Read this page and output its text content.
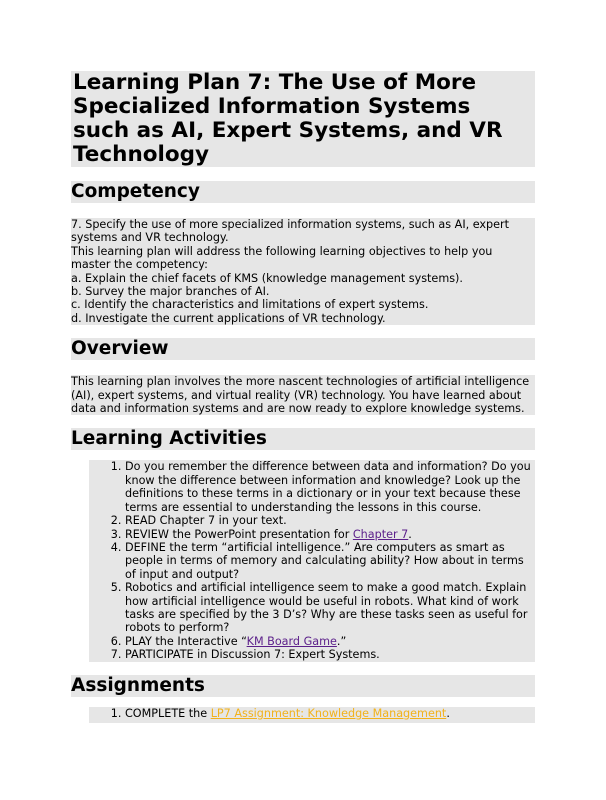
Learning Plan 7: The Use of More Specialized Information Systems such as AI, Expert Systems, and VR Technology
Competency
7. Specify the use of more specialized information systems, such as AI, expert systems and VR technology.
This learning plan will address the following learning objectives to help you master the competency:
a. Explain the chief facets of KMS (knowledge management systems).
b. Survey the major branches of AI.
c. Identify the characteristics and limitations of expert systems.
d. Investigate the current applications of VR technology.
Overview

This learning plan involves the more nascent technologies of artificial intelligence (AI), expert systems, and virtual reality (VR) technology. You have learned about data and information systems and are now ready to explore knowledge systems.

Learning Activities
1. Do you remember the difference between data and information? Do you know the difference between information and knowledge? Look up the definitions to these terms in a dictionary or in your text because these terms are essential to understanding the lessons in this course.
2. READ Chapter 7 in your text.
3. REVIEW the PowerPoint presentation for Chapter 7.
4. DEFINE the term “artificial intelligence.” Are computers as smart as people in terms of memory and calculating ability? How about in terms of input and output?
5. Robotics and artificial intelligence seem to make a good match. Explain how artificial intelligence would be useful in robots. What kind of work tasks are specified by the 3 D’s? Why are these tasks seen as useful for robots to perform?
6. PLAY the Interactive “KM Board Game.”
7. PARTICIPATE in Discussion 7: Expert Systems.
Assignments
1. COMPLETE the LP7 Assignment: Knowledge Management.
